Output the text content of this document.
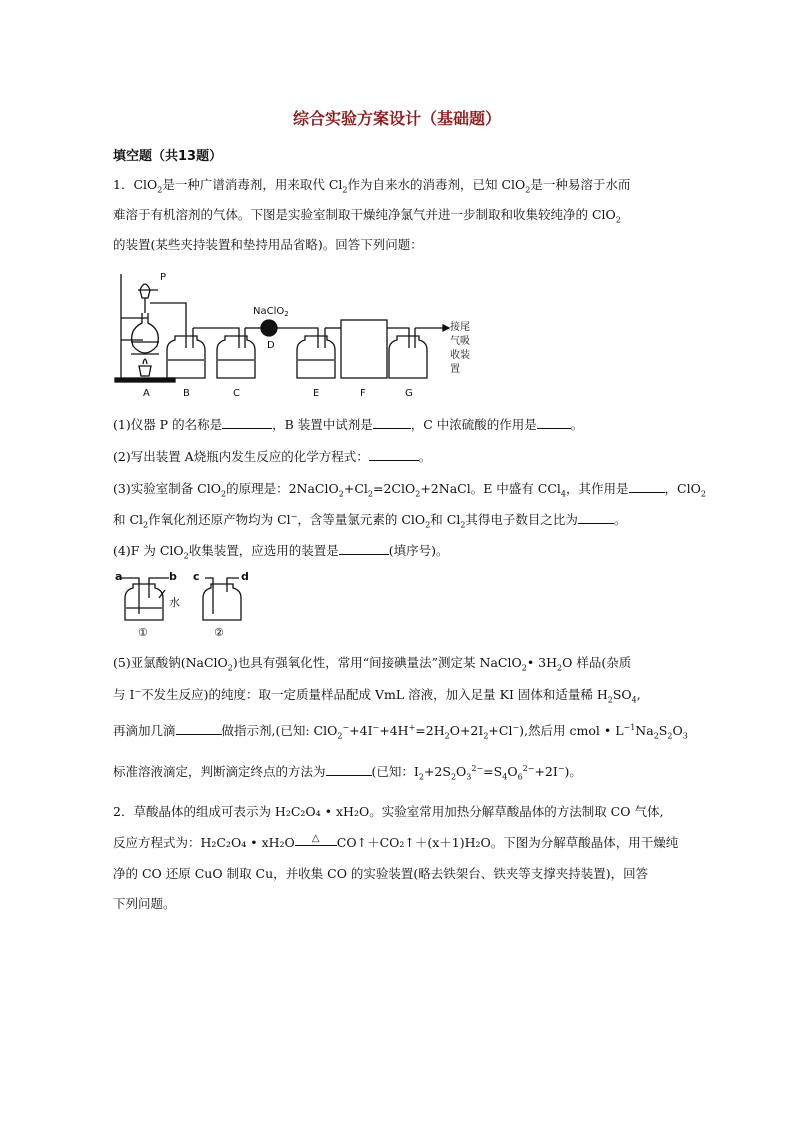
综合实验方案设计（基础题）
填空题（共13题）
1．ClO$_2$是一种广谱消毒剂，用来取代 $Cl_2$作为自来水的消毒剂，已知 ClO$_2$是一种易溶于水而
难溶于有机溶剂的气体。下图是实验室制取干燥纯净氯气并进一步制取和收集较纯净的 ClO$_2$
的装置(某些夹持装置和垫持用品省略)。回答下列问题：
P
NaClO$_2$
D
A	B	C	E	F	G
接尾
气吸
收装
置
(1)仪器 P 的名称是	，B 装置中试剂是	，C 中浓硫酸的作用是	。
(2)写出装置 A烧瓶内发生反应的化学方程式：	。
(3)实验室制备 ClO$_2$的原理是：$2NaClO_2+Cl_2=2ClO_2+2NaCl$。E 中盛有 CCl$_4$，其作用是	，ClO$_2$
和 $Cl_2$作氧化剂还原产物均为 Cl−，含等量氯元素的 ClO$_2$和 $Cl_2$其得电子数目之比为	。
(4)F 为 ClO$_2$收集装置，应选用的装置是	(填序号)。
a	b c	d
水
①	②
(5)亚氯酸钠(NaClO$_2$)也具有强氧化性，常用“间接碘量法”测定某 NaClO$_2$• $3H_2O$ 样品(杂质
与 I−不发生反应)的纯度：取一定质量样品配成 VmL 溶液，加入足量 KI 固体和适量稀 $H_2SO_4$,
再滴加几滴	做指示剂,(已知: $ClO_2^-+4I^-+4H^+=2H_2O+2I_2+Cl^-$),然后用 cmol • $L^{-1}Na_2S_2O_3$
标准溶液滴定，判断滴定终点的方法为	(已知：$I_2+2S_2O_3^{2-}=S_4O_6^{2-}+2I^-$)。
2．草酸晶体的组成可表示为 H₂C₂O₄ • xH₂O。实验室常用加热分解草酸晶体的方法制取 CO 气体,
反应方程式为：H₂C₂O₄ • xH₂O △ CO↑＋CO₂↑＋(x＋1)H₂O。下图为分解草酸晶体，用干燥纯
净的 CO 还原 CuO 制取 Cu，并收集 CO 的实验装置(略去铁架台、铁夹等支撑夹持装置)，回答
下列问题。
